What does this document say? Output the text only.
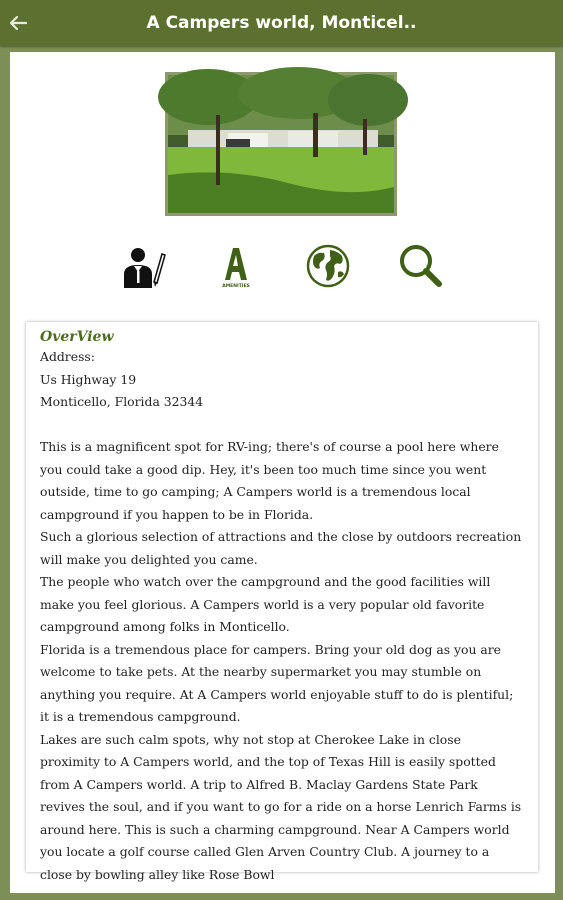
A Campers world, Monticel..
AMENITIES
OverView

Address:

Us Highway 19

Monticello, Florida 32344

This is a magnificent spot for RV-ing; there's of course a pool here where you could take a good dip. Hey, it's been too much time since you went outside, time to go camping; A Campers world is a tremendous local campground if you happen to be in Florida.

Such a glorious selection of attractions and the close by outdoors recreation will make you delighted you came.

The people who watch over the campground and the good facilities will make you feel glorious. A Campers world is a very popular old favorite campground among folks in Monticello.

Florida is a tremendous place for campers. Bring your old dog as you are welcome to take pets. At the nearby supermarket you may stumble on anything you require. At A Campers world enjoyable stuff to do is plentiful; it is a tremendous campground.

Lakes are such calm spots, why not stop at Cherokee Lake in close proximity to A Campers world, and the top of Texas Hill is easily spotted from A Campers world. A trip to Alfred B. Maclay Gardens State Park revives the soul, and if you want to go for a ride on a horse Lenrich Farms is around here. This is such a charming campground. Near A Campers world you locate a golf course called Glen Arven Country Club. A journey to a close by bowling alley like Rose Bowl
